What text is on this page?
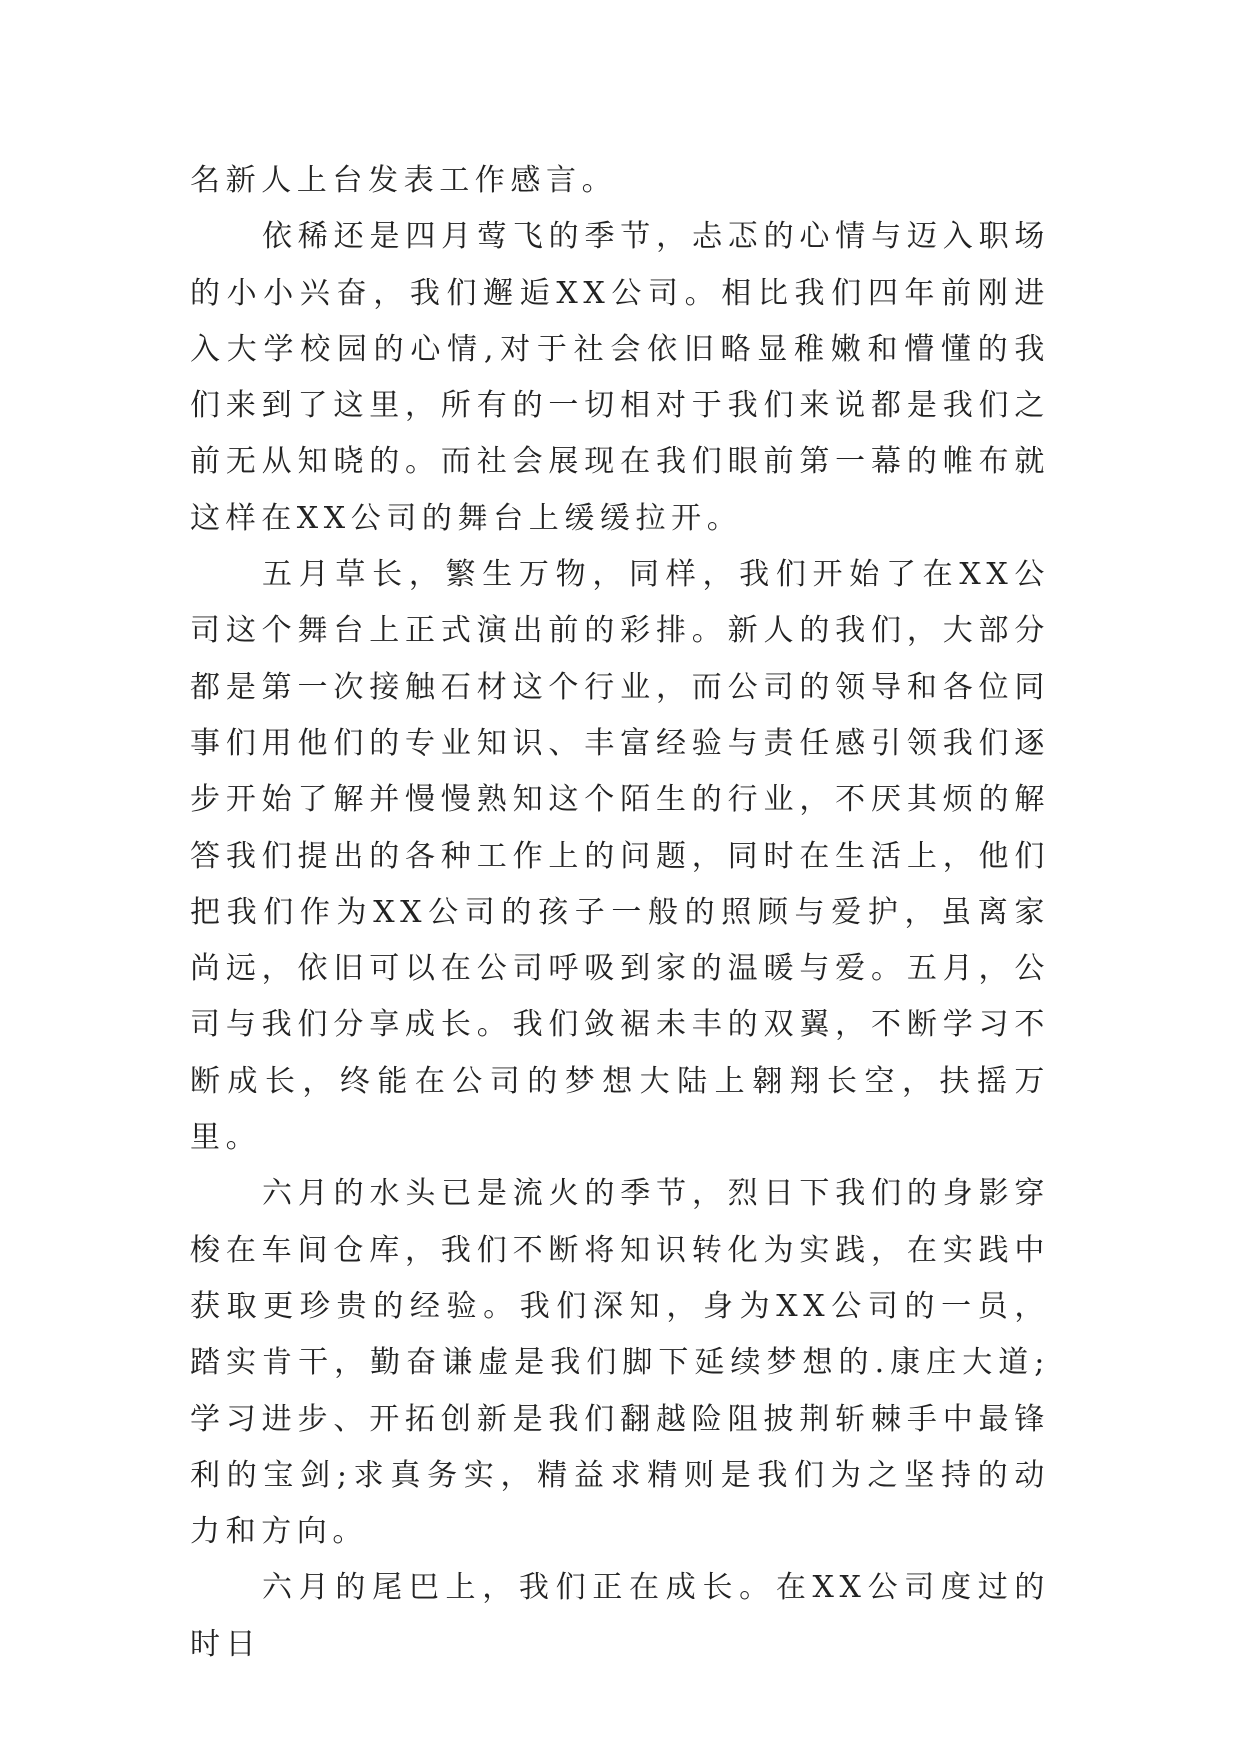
名新人上台发表工作感言。

依稀还是四月莺飞的季节，忐忑的心情与迈入职场的小小兴奋，我们邂逅XX公司。相比我们四年前刚进入大学校园的心情,对于社会依旧略显稚嫩和懵懂的我们来到了这里，所有的一切相对于我们来说都是我们之前无从知晓的。而社会展现在我们眼前第一幕的帷布就这样在XX公司的舞台上缓缓拉开。

五月草长，繁生万物，同样，我们开始了在XX公司这个舞台上正式演出前的彩排。新人的我们，大部分都是第一次接触石材这个行业，而公司的领导和各位同事们用他们的专业知识、丰富经验与责任感引领我们逐步开始了解并慢慢熟知这个陌生的行业，不厌其烦的解答我们提出的各种工作上的问题，同时在生活上，他们把我们作为XX公司的孩子一般的照顾与爱护，虽离家尚远，依旧可以在公司呼吸到家的温暖与爱。五月，公司与我们分享成长。我们敛裾未丰的双翼，不断学习不断成长，终能在公司的梦想大陆上翱翔长空，扶摇万里。

六月的水头已是流火的季节，烈日下我们的身影穿梭在车间仓库，我们不断将知识转化为实践，在实践中获取更珍贵的经验。我们深知，身为XX公司的一员，踏实肯干，勤奋谦虚是我们脚下延续梦想的.康庄大道;学习进步、开拓创新是我们翻越险阻披荆斩棘手中最锋利的宝剑;求真务实，精益求精则是我们为之坚持的动力和方向。

六月的尾巴上，我们正在成长。在XX公司度过的时日
